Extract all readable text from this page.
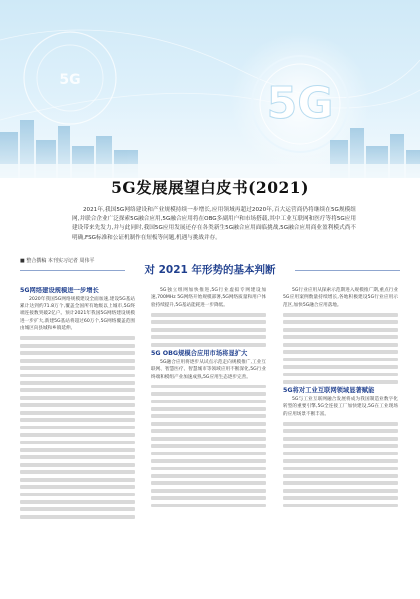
5G
5G
5G发展展望白皮书(2021)
2021年,我国5G网络建设和产业规模持续一步增长,应用领域再超过2020年,百大运营商仍将继续在5G规模组网,并联合企业广泛探索5G融合应用,5G融合应用将在OBG多副用户和市场搭载,其中工业互联网和医疗等将5G应用建设带来先发力,并与此同时,我国5G应用发展还存在各类新生5G融合应用面临挑战,5G融合应用商业盈利模式尚不明确,FSG标准和公证机制作在短板等问题,机遇与挑战并存。
■ 整合撰稿 本刊实习记者 周伟平
对 2021 年形势的基本判断
5G网络建设规模进一步增长

2020年我国5G网络规模建设全面加速,建设5G基站累计达到约71.8万个,覆盖全国所有地级以上城市,5G终端连接数突破2亿户。预计2021年我国5G网络建设规模进一步扩大,新建5G基站将超过60万个,5G网络覆盖范围由城区向县城和乡镇延伸。

5G独立组网加快推进,5G行业虚拟专网建设加速,700MHz 5G网络开始规模部署,5G网络质量和用户体验持续提升,5G基站能耗进一步降低。

5G OBG规模合应用市场将显扩大

5G融合应用将逐步从试点示范走向规模推广,工业互联网、智慧医疗、智慧城市等领域应用不断深化,5G行业终端和模组产业加速成熟,5G应用生态逐步完善。

5G行业应用从探索示范期进入规模推广期,重点行业5G应用案例数量持续增长,各地积极建设5G行业应用示范区,加快5G融合应用落地。

5G将对工业互联网领域显著赋能

5G与工业互联网融合发展将成为我国制造业数字化转型的重要引擎,5G全连接工厂加快建设,5G在工业现场的应用场景不断丰富。
